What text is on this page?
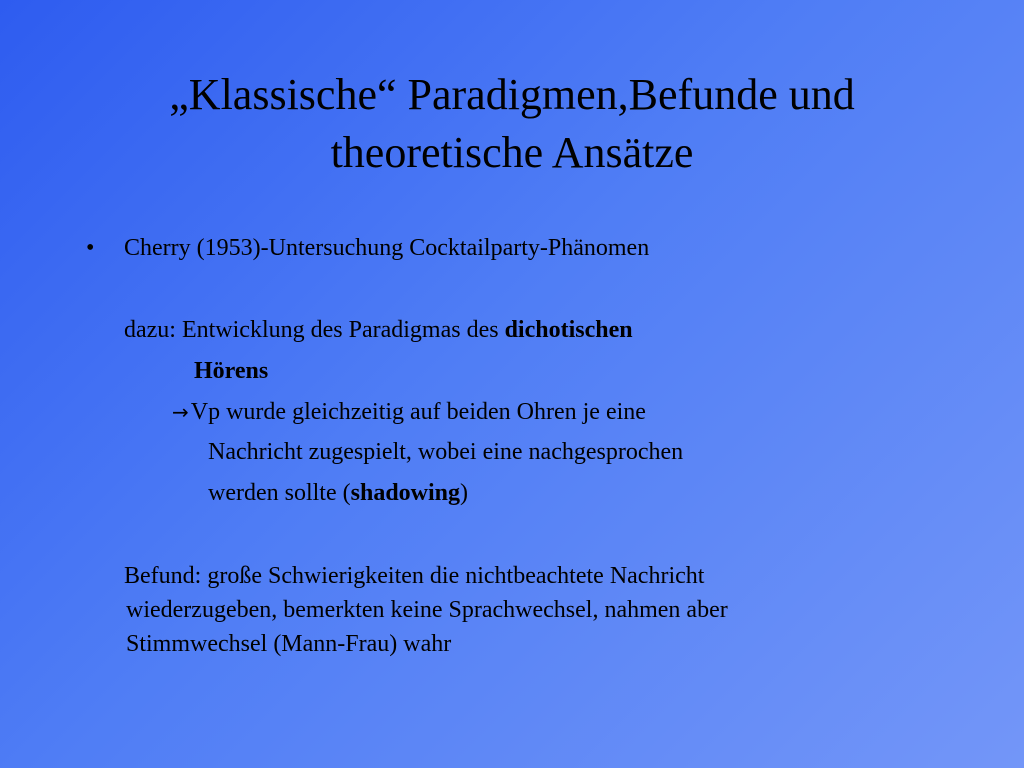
„Klassische“ Paradigmen,Befunde und
theoretische Ansätze
• Cherry (1953)-Untersuchung Cocktailparty-Phänomen

dazu: Entwicklung des Paradigmas des dichotischen

Hörens

→Vp wurde gleichzeitig auf beiden Ohren je eine

Nachricht zugespielt, wobei eine nachgesprochen

werden sollte (shadowing)

Befund: große Schwierigkeiten die nichtbeachtete Nachricht

wiederzugeben, bemerkten keine Sprachwechsel, nahmen aber

Stimmwechsel (Mann-Frau) wahr
